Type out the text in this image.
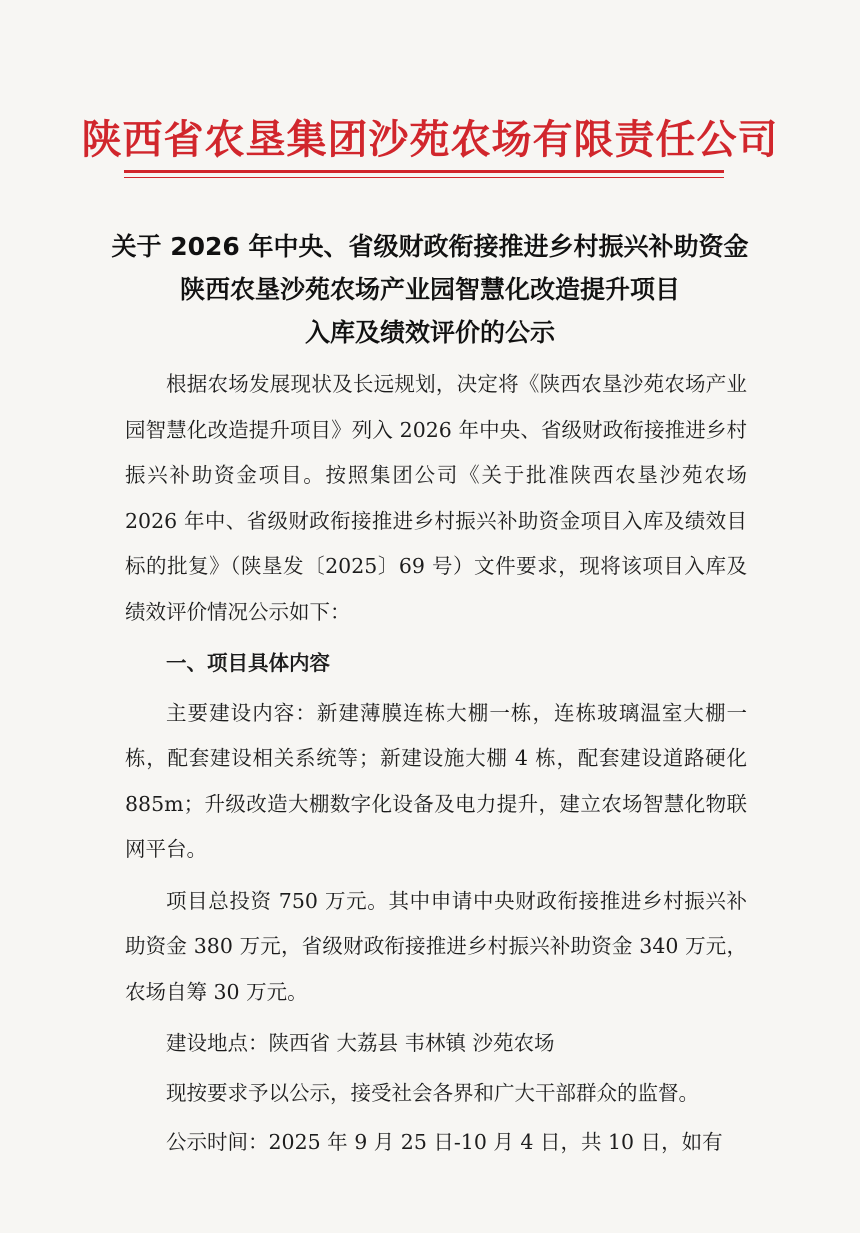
陕西省农垦集团沙苑农场有限责任公司
关于 2026 年中央、省级财政衔接推进乡村振兴补助资金
陕西农垦沙苑农场产业园智慧化改造提升项目
入库及绩效评价的公示

根据农场发展现状及长远规划，决定将《陕西农垦沙苑农场产业园智慧化改造提升项目》列入 2026 年中央、省级财政衔接推进乡村振兴补助资金项目。按照集团公司《关于批准陕西农垦沙苑农场 2026 年中、省级财政衔接推进乡村振兴补助资金项目入库及绩效目标的批复》（陕垦发〔2025〕69 号）文件要求，现将该项目入库及绩效评价情况公示如下：

一、项目具体内容

主要建设内容：新建薄膜连栋大棚一栋，连栋玻璃温室大棚一栋，配套建设相关系统等；新建设施大棚 4 栋，配套建设道路硬化 885m；升级改造大棚数字化设备及电力提升，建立农场智慧化物联网平台。

项目总投资 750 万元。其中申请中央财政衔接推进乡村振兴补助资金 380 万元，省级财政衔接推进乡村振兴补助资金 340 万元，农场自筹 30 万元。

建设地点：陕西省 大荔县 韦林镇 沙苑农场

现按要求予以公示，接受社会各界和广大干部群众的监督。

公示时间：2025 年 9 月 25 日-10 月 4 日，共 10 日，如有
